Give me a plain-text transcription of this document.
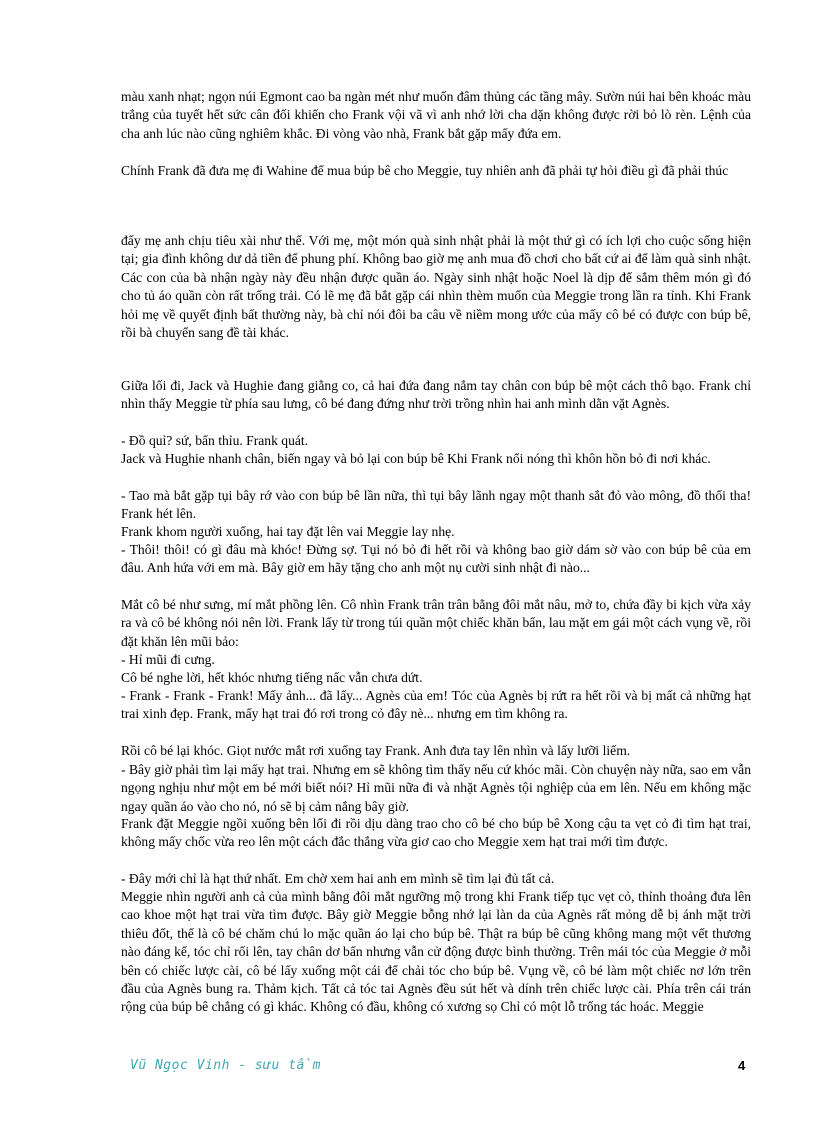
màu xanh nhạt; ngọn núi Egmont cao ba ngàn mét như muốn đâm thủng các tầng mây. Sườn núi hai bên khoác màu trắng của tuyết hết sức cân đối khiến cho Frank vội vã vì anh nhớ lời cha dặn không được rời bỏ lò rèn. Lệnh của cha anh lúc nào cũng nghiêm khắc. Đi vòng vào nhà, Frank bắt gặp mấy đứa em.

Chính Frank đã đưa mẹ đi Wahine để mua búp bê cho Meggie, tuy nhiên anh đã phải tự hỏi điều gì đã phải thúc

đẩy mẹ anh chịu tiêu xài như thế. Với mẹ, một món quà sinh nhật phải là một thứ gì có ích lợi cho cuộc sống hiện tại; gia đình không dư dả tiền để phung phí. Không bao giờ mẹ anh mua đồ chơi cho bất cứ ai để làm quà sinh nhật. Các con của bà nhận ngày này đều nhận được quần áo. Ngày sinh nhật hoặc Noel là dịp để sắm thêm món gì đó cho tủ áo quần còn rất trống trải. Có lẽ mẹ đã bắt gặp cái nhìn thèm muốn của Meggie trong lần ra tỉnh. Khi Frank hỏi mẹ về quyết định bất thường này, bà chỉ nói đôi ba câu về niềm mong ước của mấy cô bé có được con búp bê, rồi bà chuyển sang đề tài khác.

Giữa lối đi, Jack và Hughie đang giằng co, cả hai đứa đang nắm tay chân con búp bê một cách thô bạo. Frank chỉ nhìn thấy Meggie từ phía sau lưng, cô bé đang đứng như trời trồng nhìn hai anh mình dằn vặt Agnès.

- Đồ quỉ? sứ, bẩn thỉu. Frank quát.

Jack và Hughie nhanh chân, biến ngay và bỏ lại con búp bê Khi Frank nổi nóng thì khôn hồn bỏ đi nơi khác.

- Tao mà bắt gặp tụi bây rớ vào con búp bê lần nữa, thì tụi bây lãnh ngay một thanh sắt đỏ vào mông, đồ thối tha! Frank hét lên.

Frank khom người xuống, hai tay đặt lên vai Meggie lay nhẹ.

- Thôi! thôi! có gì đâu mà khóc! Đừng sợ. Tụi nó bỏ đi hết rồi và không bao giờ dám sờ vào con búp bê của em đâu. Anh hứa với em mà. Bây giờ em hãy tặng cho anh một nụ cười sinh nhật đi nào...

Mắt cô bé như sưng, mí mắt phồng lên. Cô nhìn Frank trân trân bằng đôi mắt nâu, mở to, chứa đầy bi kịch vừa xảy ra và cô bé không nói nên lời. Frank lấy từ trong túi quần một chiếc khăn bẩn, lau mặt em gái một cách vụng về, rồi đặt khăn lên mũi bảo:

- Hỉ mũi đi cưng.

Cô bé nghe lời, hết khóc nhưng tiếng nấc vẫn chưa dứt.

- Frank - Frank - Frank! Mấy ảnh... đã lấy... Agnès của em! Tóc của Agnès bị rứt ra hết rồi và bị mất cả những hạt trai xinh đẹp. Frank, mấy hạt trai đó rơi trong cỏ đây nè... nhưng em tìm không ra.

Rồi cô bé lại khóc. Giọt nước mắt rơi xuống tay Frank. Anh đưa tay lên nhìn và lấy lưỡi liếm.

- Bây giờ phải tìm lại mấy hạt trai. Nhưng em sẽ không tìm thấy nếu cứ khóc mãi. Còn chuyện này nữa, sao em vẫn ngọng nghịu như một em bé mới biết nói? Hỉ mũi nữa đi và nhặt Agnès tội nghiệp của em lên. Nếu em không mặc ngay quần áo vào cho nó, nó sẽ bị cảm nắng bây giờ.

Frank đặt Meggie ngồi xuống bên lối đi rồi dịu dàng trao cho cô bé cho búp bê Xong cậu ta vẹt cỏ đi tìm hạt trai, không mấy chốc vừa reo lên một cách đắc thắng vừa giơ cao cho Meggie xem hạt trai mới tìm được.

- Đây mới chỉ là hạt thứ nhất. Em chờ xem hai anh em mình sẽ tìm lại đủ tất cả.

Meggie nhìn người anh cả của mình bằng đôi mắt ngưỡng mộ trong khi Frank tiếp tục vẹt cỏ, thỉnh thoảng đưa lên cao khoe một hạt trai vừa tìm được. Bây giờ Meggie bỗng nhớ lại làn da của Agnès rất mỏng dễ bị ánh mặt trời thiêu đốt, thế là cô bé chăm chú lo mặc quần áo lại cho búp bê. Thật ra búp bê cũng không mang một vết thương nào đáng kể, tóc chỉ rối lên, tay chân dơ bẩn nhưng vẫn cử động được bình thường. Trên mái tóc của Meggie ở mỗi bên có chiếc lược cài, cô bé lấy xuống một cái để chải tóc cho búp bê. Vụng về, cô bé làm một chiếc nơ lớn trên đầu của Agnès bung ra. Thảm kịch. Tất cả tóc tai Agnès đều sút hết và dính trên chiếc lược cài. Phía trên cái trán rộng của búp bê chẳng có gì khác. Không có đầu, không có xương sọ Chỉ có một lỗ trống tác hoác. Meggie

Vũ Ngọc Vinh - sưu tầm	4
